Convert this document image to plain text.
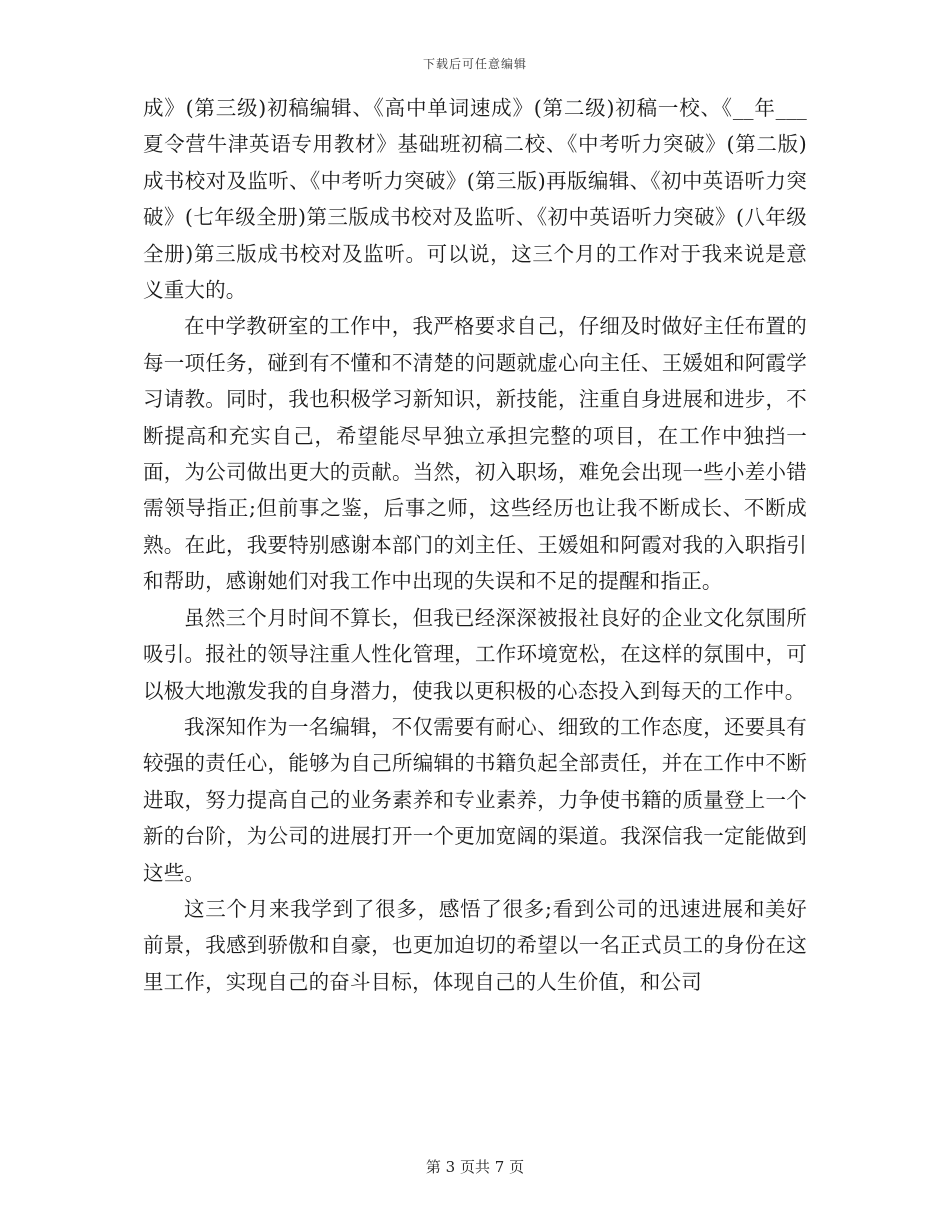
下载后可任意编辑

成》(第三级)初稿编辑、《高中单词速成》(第二级)初稿一校、《__年___夏令营牛津英语专用教材》基础班初稿二校、《中考听力突破》(第二版)成书校对及监听、《中考听力突破》(第三版)再版编辑、《初中英语听力突破》(七年级全册)第三版成书校对及监听、《初中英语听力突破》(八年级全册)第三版成书校对及监听。可以说，这三个月的工作对于我来说是意义重大的。

在中学教研室的工作中，我严格要求自己，仔细及时做好主任布置的每一项任务，碰到有不懂和不清楚的问题就虚心向主任、王媛姐和阿霞学习请教。同时，我也积极学习新知识，新技能，注重自身进展和进步，不断提高和充实自己，希望能尽早独立承担完整的项目，在工作中独挡一面，为公司做出更大的贡献。当然，初入职场，难免会出现一些小差小错需领导指正;但前事之鉴，后事之师，这些经历也让我不断成长、不断成熟。在此，我要特别感谢本部门的刘主任、王媛姐和阿霞对我的入职指引和帮助，感谢她们对我工作中出现的失误和不足的提醒和指正。

虽然三个月时间不算长，但我已经深深被报社良好的企业文化氛围所吸引。报社的领导注重人性化管理，工作环境宽松，在这样的氛围中，可以极大地激发我的自身潜力，使我以更积极的心态投入到每天的工作中。

我深知作为一名编辑，不仅需要有耐心、细致的工作态度，还要具有较强的责任心，能够为自己所编辑的书籍负起全部责任，并在工作中不断进取，努力提高自己的业务素养和专业素养，力争使书籍的质量登上一个新的台阶，为公司的进展打开一个更加宽阔的渠道。我深信我一定能做到这些。

这三个月来我学到了很多，感悟了很多;看到公司的迅速进展和美好前景，我感到骄傲和自豪，也更加迫切的希望以一名正式员工的身份在这里工作，实现自己的奋斗目标，体现自己的人生价值，和公司

第 3 页共 7 页
